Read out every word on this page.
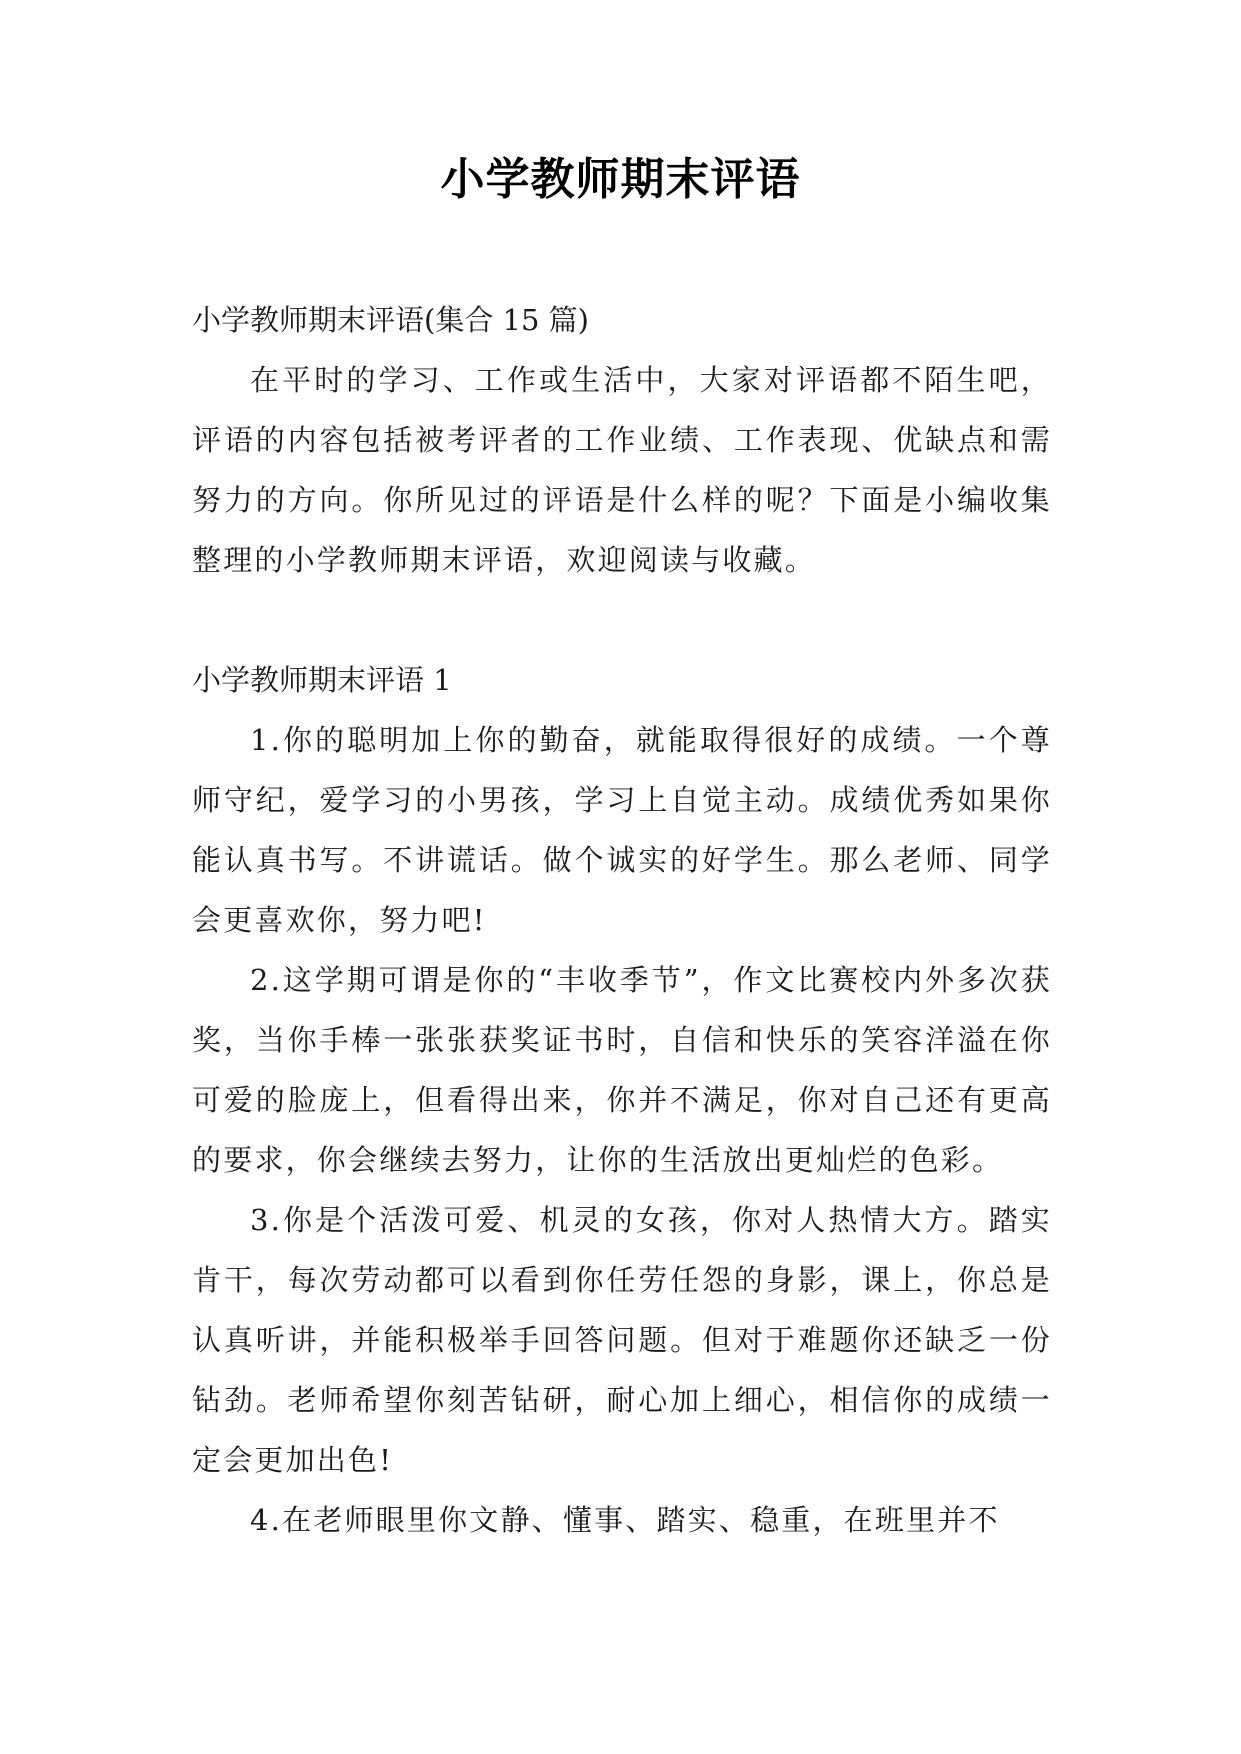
小学教师期末评语

小学教师期末评语(集合 15 篇)

在平时的学习、工作或生活中，大家对评语都不陌生吧，评语的内容包括被考评者的工作业绩、工作表现、优缺点和需努力的方向。你所见过的评语是什么样的呢？下面是小编收集整理的小学教师期末评语，欢迎阅读与收藏。

小学教师期末评语 1

1.你的聪明加上你的勤奋，就能取得很好的成绩。一个尊师守纪，爱学习的小男孩，学习上自觉主动。成绩优秀如果你能认真书写。不讲谎话。做个诚实的好学生。那么老师、同学会更喜欢你，努力吧!

2.这学期可谓是你的“丰收季节”，作文比赛校内外多次获奖，当你手棒一张张获奖证书时，自信和快乐的笑容洋溢在你可爱的脸庞上，但看得出来，你并不满足，你对自己还有更高的要求，你会继续去努力，让你的生活放出更灿烂的色彩。

3.你是个活泼可爱、机灵的女孩，你对人热情大方。踏实肯干，每次劳动都可以看到你任劳任怨的身影，课上，你总是认真听讲，并能积极举手回答问题。但对于难题你还缺乏一份钻劲。老师希望你刻苦钻研，耐心加上细心，相信你的成绩一定会更加出色!

4.在老师眼里你文静、懂事、踏实、稳重，在班里并不
